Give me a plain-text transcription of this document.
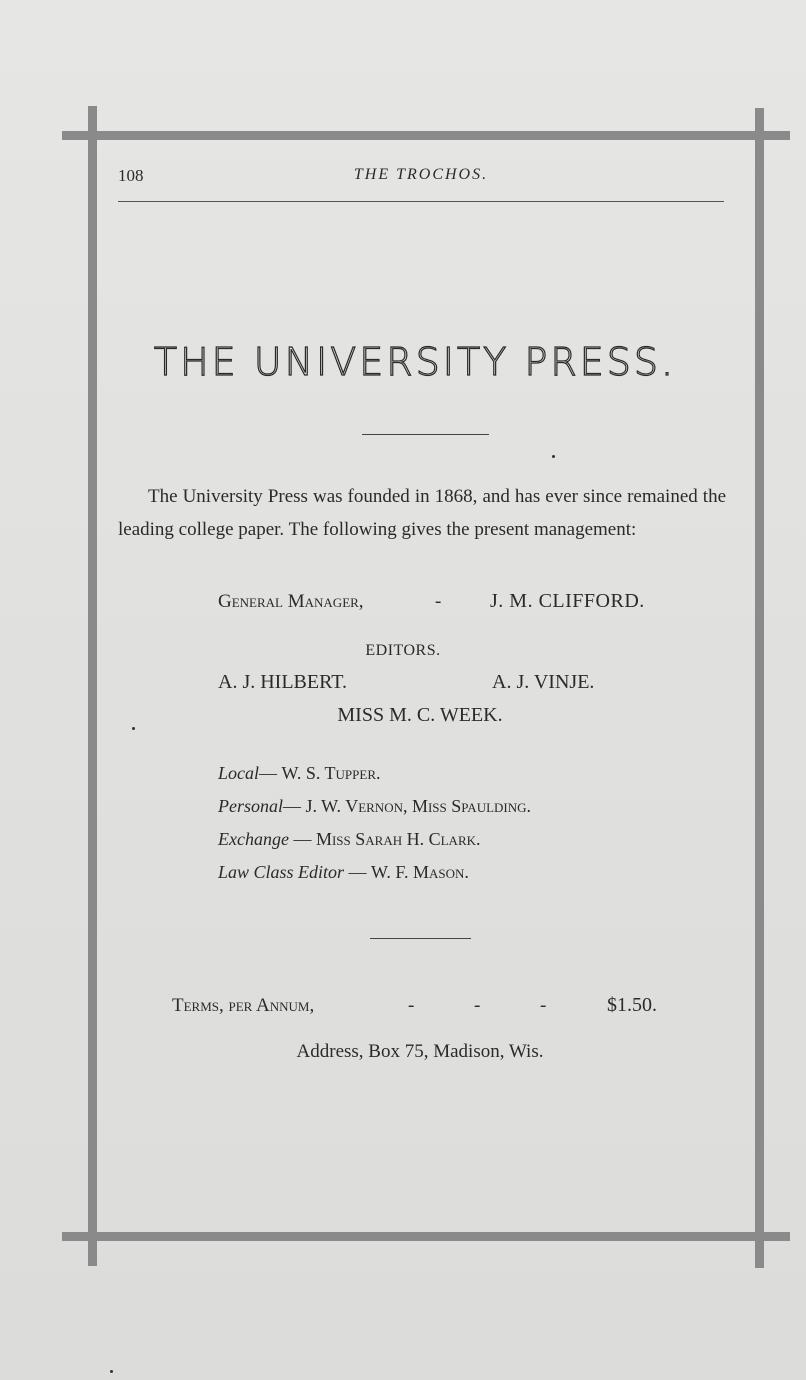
108	THE TROCHOS.
THE UNIVERSITY PRESS.
The University Press was founded in 1868, and has ever since remained the leading college paper. The following gives the present management:
General Manager,	- J. M. CLIFFORD.
EDITORS.
A. J. HILBERT.	A. J. VINJE.
MISS M. C. WEEK.
Local— W. S. Tupper.
Personal— J. W. Vernon, Miss Spaulding.
Exchange — Miss Sarah H. Clark.
Law Class Editor — W. F. Mason.
Terms, per Annum,	-	-	-	$1.50.
Address, Box 75, Madison, Wis.
